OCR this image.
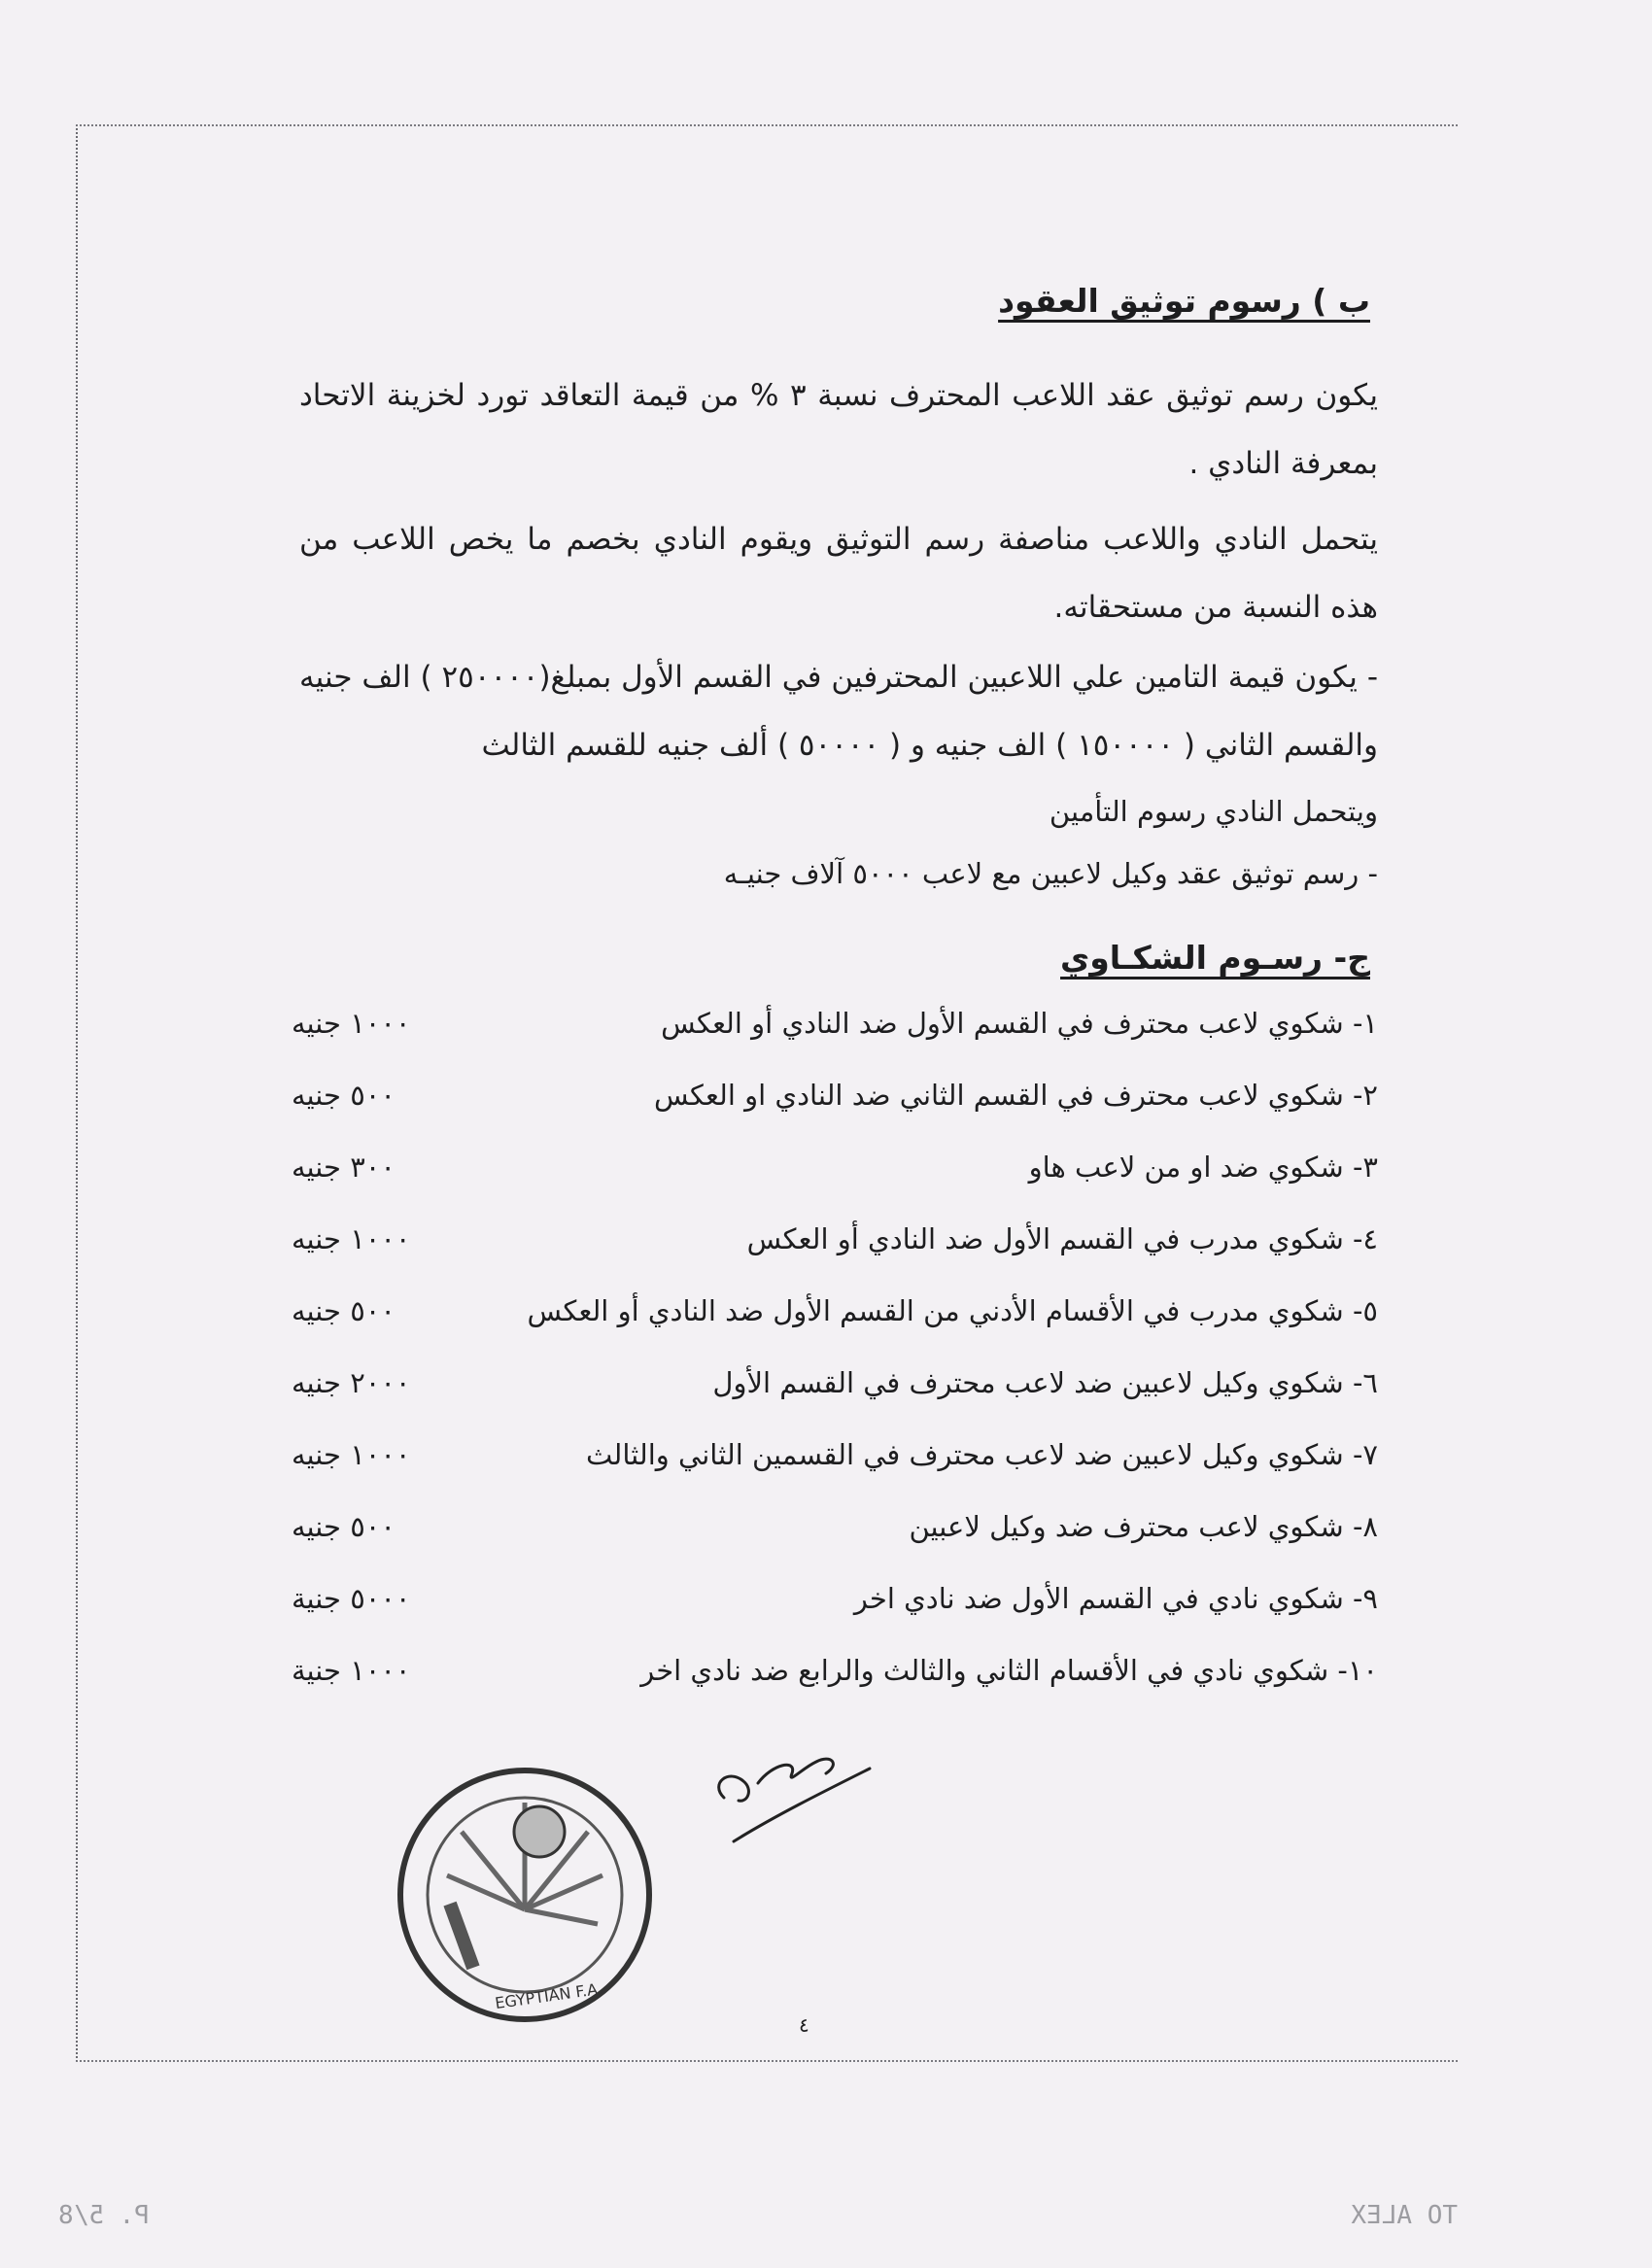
ب ) رسوم توثيق العقود
يكون رسم توثيق عقد اللاعب المحترف نسبة ٣ % من قيمة التعاقد تورد لخزينة الاتحاد بمعرفة النادي .
يتحمل النادي واللاعب مناصفة رسم التوثيق ويقوم النادي بخصم ما يخص اللاعب من هذه النسبة من مستحقاته.
- يكون قيمة التامين علي اللاعبين المحترفين في القسم الأول بمبلغ(٢٥٠٠٠٠ ) الف جنيه والقسم الثاني ( ١٥٠٠٠٠ ) الف جنيه و ( ٥٠٠٠٠ ) ألف جنيه للقسم الثالث
ويتحمل النادي رسوم التأمين
- رسم توثيق عقد وكيل لاعبين مع لاعب ٥٠٠٠ آلاف جنيـه
ج- رسـوم الشكـاوي
١- شكوي لاعب محترف في القسم الأول ضد النادي أو العكس
١٠٠٠ جنيه
٢- شكوي لاعب محترف في القسم الثاني ضد النادي او العكس
٥٠٠ جنيه
٣- شكوي ضد او من لاعب هاو
٣٠٠ جنيه
٤- شكوي مدرب في القسم الأول ضد النادي أو العكس
١٠٠٠ جنيه
٥- شكوي مدرب في الأقسام الأدني من القسم الأول ضد النادي أو العكس
٥٠٠ جنيه
٦- شكوي وكيل لاعبين ضد لاعب محترف في القسم الأول
٢٠٠٠ جنيه
٧- شكوي وكيل لاعبين ضد لاعب محترف في القسمين الثاني والثالث
١٠٠٠ جنيه
٨- شكوي لاعب محترف ضد وكيل لاعبين
٥٠٠ جنيه
٩- شكوي نادي في القسم الأول ضد نادي اخر
٥٠٠٠ جنية
١٠- شكوي نادي في الأقسام الثاني والثالث والرابع ضد نادي اخر
١٠٠٠ جنية
٤
EGYPTIAN F.A.
TO ALEX
P. 5/8
